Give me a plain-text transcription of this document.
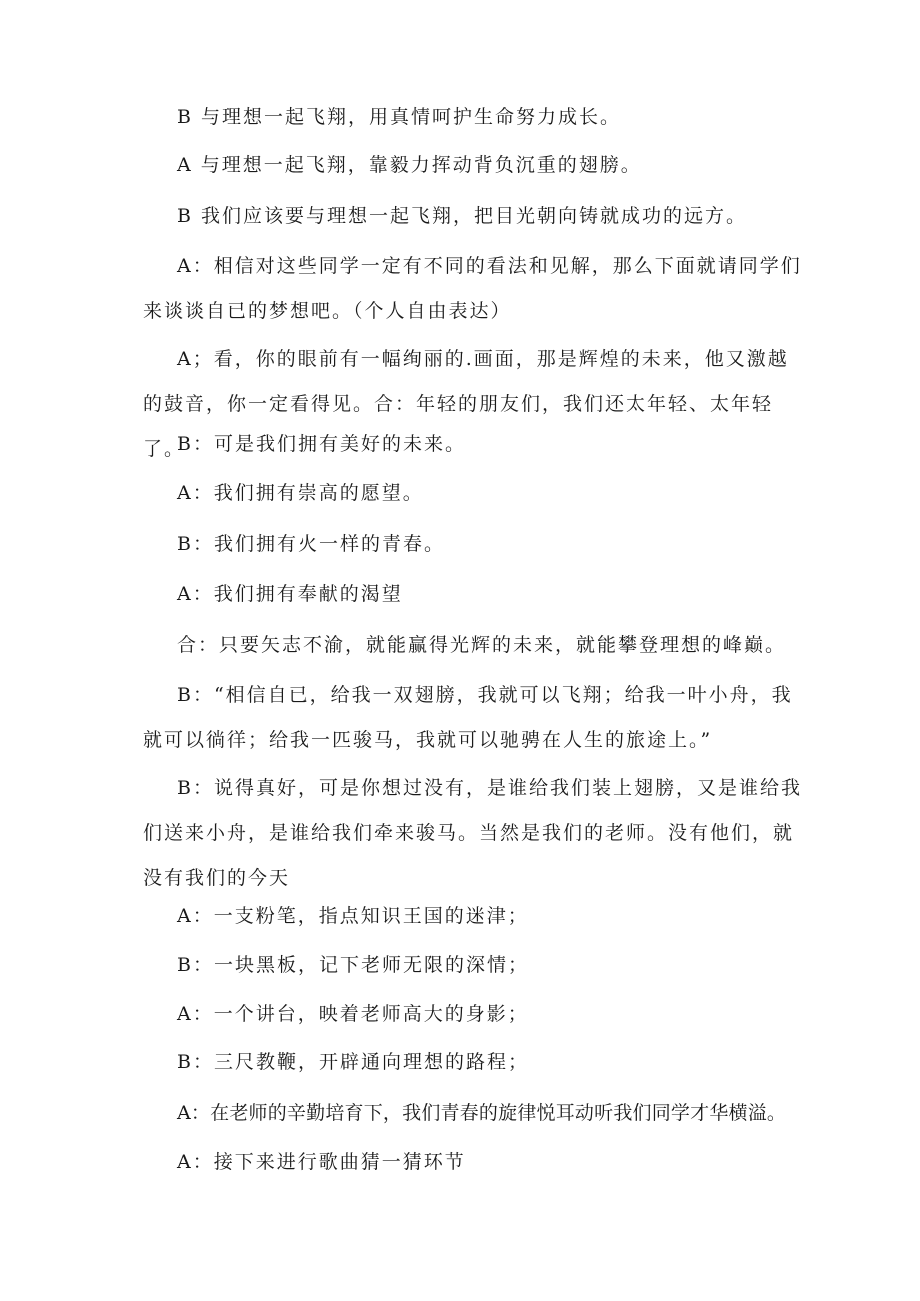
B 与理想一起飞翔，用真情呵护生命努力成长。

A 与理想一起飞翔，靠毅力挥动背负沉重的翅膀。

B 我们应该要与理想一起飞翔，把目光朝向铸就成功的远方。

A：相信对这些同学一定有不同的看法和见解，那么下面就请同学们来谈谈自已的梦想吧。（个人自由表达）

A；看，你的眼前有一幅绚丽的.画面，那是辉煌的未来，他又激越的鼓音，你一定看得见。合：年轻的朋友们，我们还太年轻、太年轻了。

B：可是我们拥有美好的未来。

A：我们拥有崇高的愿望。

B：我们拥有火一样的青春。

A：我们拥有奉献的渴望

合：只要矢志不渝，就能赢得光辉的未来，就能攀登理想的峰巅。

B：“相信自已，给我一双翅膀，我就可以飞翔；给我一叶小舟，我就可以徜徉；给我一匹骏马，我就可以驰骋在人生的旅途上。”

B：说得真好，可是你想过没有，是谁给我们装上翅膀，又是谁给我们送来小舟，是谁给我们牵来骏马。当然是我们的老师。没有他们，就没有我们的今天

A：一支粉笔，指点知识王国的迷津；

B：一块黑板，记下老师无限的深情；

A：一个讲台，映着老师高大的身影；

B：三尺教鞭，开辟通向理想的路程；

A：在老师的辛勤培育下，我们青春的旋律悦耳动听我们同学才华横溢。

A：接下来进行歌曲猜一猜环节
